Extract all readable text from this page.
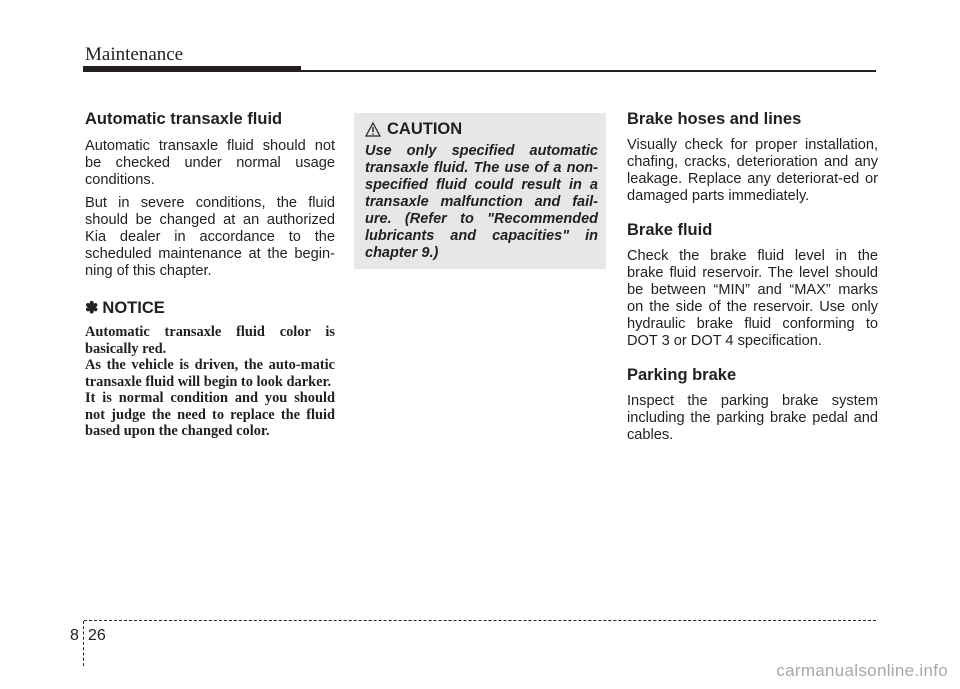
Maintenance
Automatic transaxle fluid

Automatic transaxle fluid should not be checked under normal usage conditions.

But in severe conditions, the fluid should be changed at an authorized Kia dealer in accordance to the scheduled maintenance at the begin-ning of this chapter.

✽ NOTICE

Automatic transaxle fluid color is basically red.

As the vehicle is driven, the auto-matic transaxle fluid will begin to look darker.

It is normal condition and you should not judge the need to replace the fluid based upon the changed color.

CAUTION

Use only specified automatic transaxle fluid. The use of a non-specified fluid could result in a transaxle malfunction and fail-ure. (Refer to "Recommended lubricants and capacities" in chapter 9.)

Brake hoses and lines

Visually check for proper installation, chafing, cracks, deterioration and any leakage. Replace any deteriorat-ed or damaged parts immediately.

Brake fluid

Check the brake fluid level in the brake fluid reservoir. The level should be between “MIN” and “MAX” marks on the side of the reservoir. Use only hydraulic brake fluid conforming to DOT 3 or DOT 4 specification.

Parking brake

Inspect the parking brake system including the parking brake pedal and cables.

8 26
carmanualsonline.info
